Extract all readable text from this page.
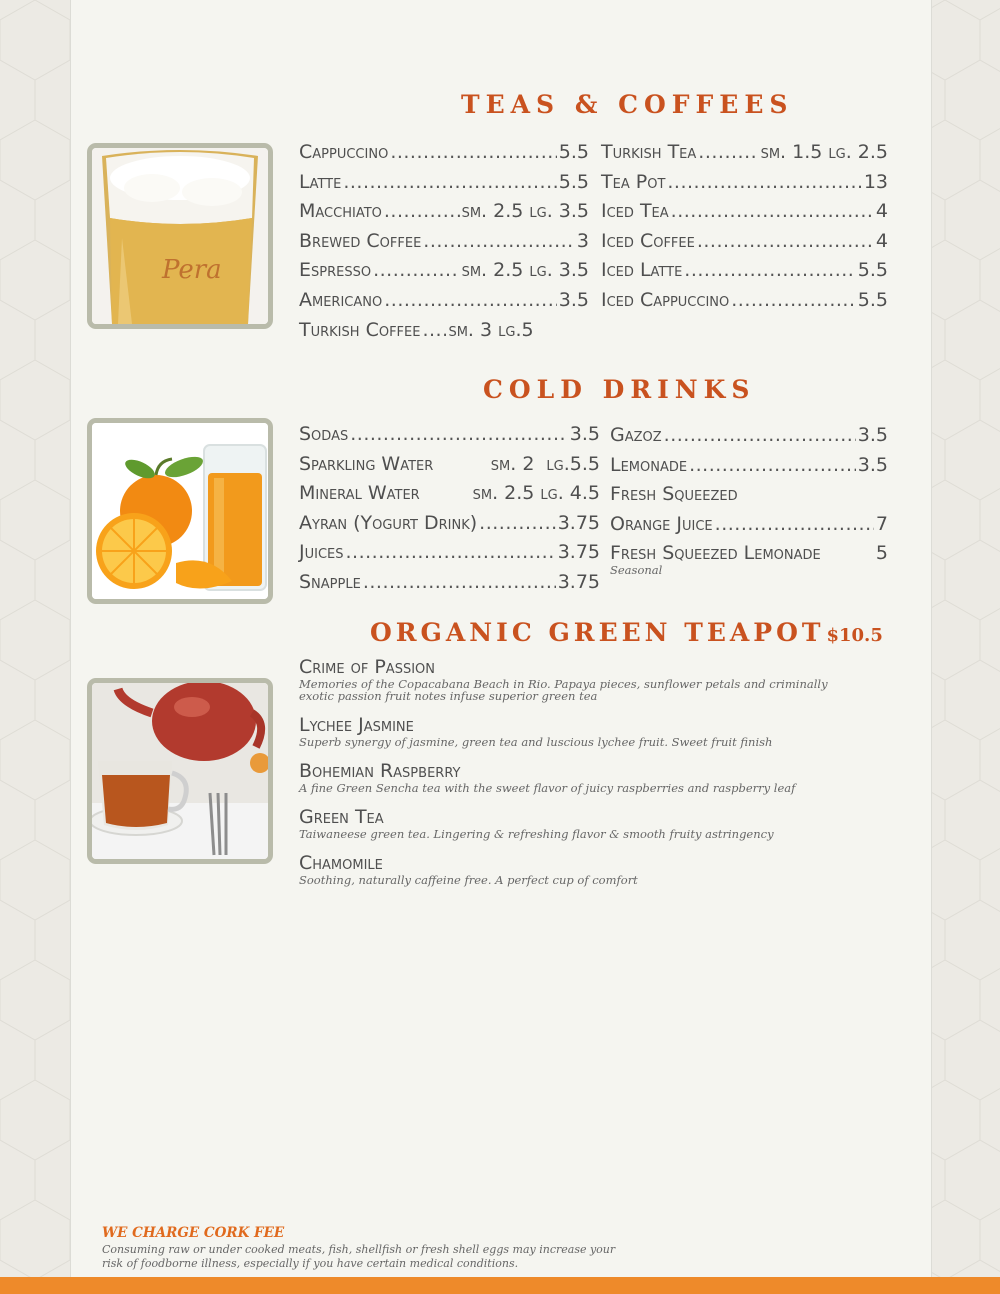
TEAS & COFFEES
Pera
Cappuccino .....	5.5
Latte .....	5.5
Macchiato .....	sm. 2.5 lg. 3.5
Brewed Coffee .....	3
Espresso .....	sm. 2.5 lg. 3.5
Americano .....	3.5
Turkish Coffee ..... sm. 3 lg.5
Turkish Tea .....	sm. 1.5 lg. 2.5
Tea Pot .....	13
Iced Tea .....	4
Iced Coffee .....	4
Iced Latte .....	5.5
Iced Cappuccino .....	5.5
COLD DRINKS
Sodas .....	3.5
Sparkling Water	sm. 2 lg.5.5
Mineral Water	sm. 2.5 lg. 4.5
Ayran (Yogurt Drink) .....	3.75
Juices .....	3.75
Snapple .....	3.75
Gazoz .....	3.5
Lemonade .....	3.5
Fresh Squeezed
Orange Juice .....	7
Fresh Squeezed Lemonade	5
Seasonal
ORGANIC GREEN TEAPOT $10.5
Crime of Passion
Memories of the Copacabana Beach in Rio. Papaya pieces, sunflower petals and criminally exotic passion fruit notes infuse superior green tea
Lychee Jasmine
Superb synergy of jasmine, green tea and luscious lychee fruit. Sweet fruit finish
Bohemian Raspberry
A fine Green Sencha tea with the sweet flavor of juicy raspberries and raspberry leaf
Green Tea
Taiwaneese green tea. Lingering & refreshing flavor & smooth fruity astringency
Chamomile
Soothing, naturally caffeine free. A perfect cup of comfort
WE CHARGE CORK FEE
Consuming raw or under cooked meats, fish, shellfish or fresh shell eggs may increase your risk of foodborne illness, especially if you have certain medical conditions.
